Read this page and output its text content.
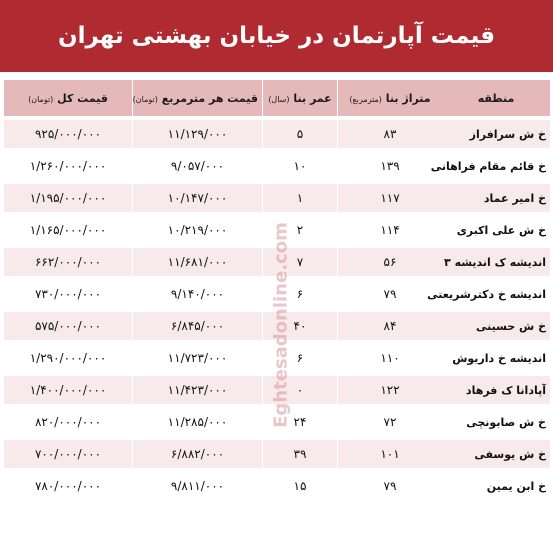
قیمت آپارتمان در خیابان بهشتی تهران
منطقه	متراژ بنا (مترمربع)	عمر بنا (سال)	قیمت هر مترمربع (تومان)	قیمت کل (تومان)
خ ش سرافراز	۸۳	۵	۱۱/۱۲۹/۰۰۰	۹۲۵/۰۰۰/۰۰۰
خ قائم مقام فراهانی	۱۳۹	۱۰	۹/۰۵۷/۰۰۰	۱/۲۶۰/۰۰۰/۰۰۰
خ امیر عماد	۱۱۷	۱	۱۰/۱۴۷/۰۰۰	۱/۱۹۵/۰۰۰/۰۰۰
خ ش علی اکبری	۱۱۴	۲	۱۰/۲۱۹/۰۰۰	۱/۱۶۵/۰۰۰/۰۰۰
اندیشه ک اندیشه ۳	۵۶	۷	۱۱/۶۸۱/۰۰۰	۶۶۲/۰۰۰/۰۰۰
اندیشه خ دکترشریعتی	۷۹	۶	۹/۱۴۰/۰۰۰	۷۳۰/۰۰۰/۰۰۰
خ ش حسینی	۸۴	۴۰	۶/۸۴۵/۰۰۰	۵۷۵/۰۰۰/۰۰۰
اندیشه خ داریوش	۱۱۰	۶	۱۱/۷۲۳/۰۰۰	۱/۲۹۰/۰۰۰/۰۰۰
آپادانا ک فرهاد	۱۲۲	۰	۱۱/۴۲۳/۰۰۰	۱/۴۰۰/۰۰۰/۰۰۰
خ ش صابونچی	۷۲	۲۴	۱۱/۲۸۵/۰۰۰	۸۲۰/۰۰۰/۰۰۰
خ ش یوسفی	۱۰۱	۳۹	۶/۸۸۲/۰۰۰	۷۰۰/۰۰۰/۰۰۰
خ ابن یمین	۷۹	۱۵	۹/۸۱۱/۰۰۰	۷۸۰/۰۰۰/۰۰۰
Eghtesadonline.com
